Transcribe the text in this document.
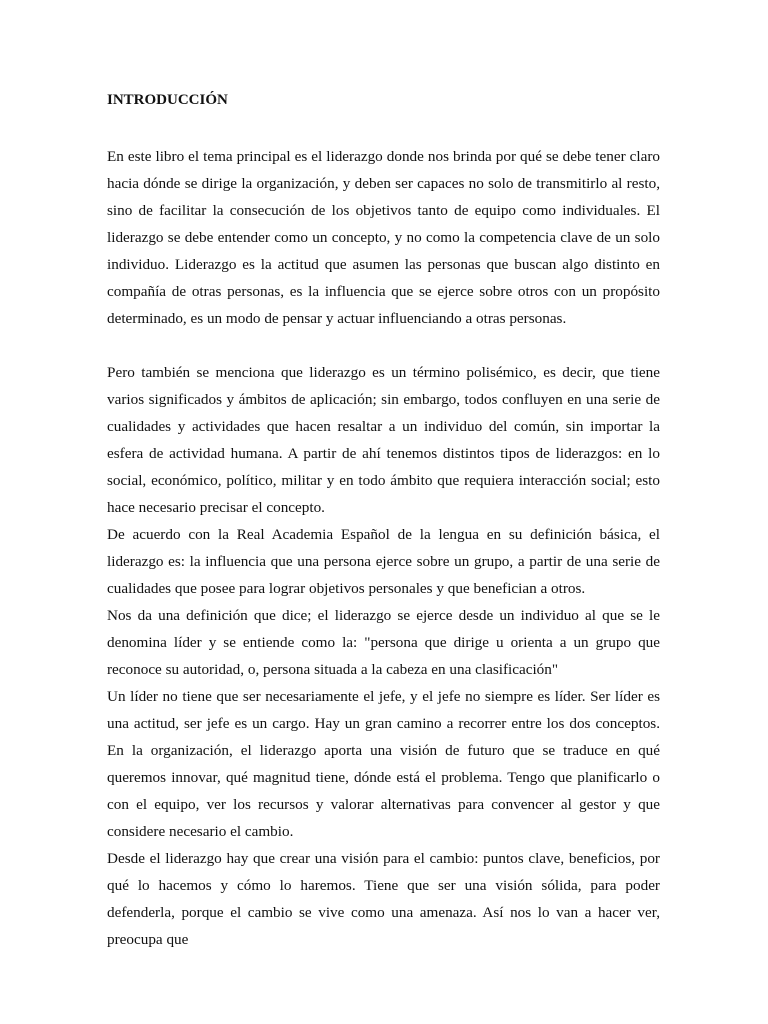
INTRODUCCIÓN

En este libro el tema principal es el liderazgo donde nos brinda por qué se debe tener claro hacia dónde se dirige la organización, y deben ser capaces no solo de transmitirlo al resto, sino de facilitar la consecución de los objetivos tanto de equipo como individuales. El liderazgo se debe entender como un concepto, y no como la competencia clave de un solo individuo. Liderazgo es la actitud que asumen las personas que buscan algo distinto en compañía de otras personas, es la influencia que se ejerce sobre otros con un propósito determinado, es un modo de pensar y actuar influenciando a otras personas.

Pero también se menciona que liderazgo es un término polisémico, es decir, que tiene varios significados y ámbitos de aplicación; sin embargo, todos confluyen en una serie de cualidades y actividades que hacen resaltar a un individuo del común, sin importar la esfera de actividad humana. A partir de ahí tenemos distintos tipos de liderazgos: en lo social, económico, político, militar y en todo ámbito que requiera interacción social; esto hace necesario precisar el concepto.

De acuerdo con la Real Academia Español de la lengua en su definición básica, el liderazgo es: la influencia que una persona ejerce sobre un grupo, a partir de una serie de cualidades que posee para lograr objetivos personales y que benefician a otros.

Nos da una definición que dice; el liderazgo se ejerce desde un individuo al que se le denomina líder y se entiende como la: "persona que dirige u orienta a un grupo que reconoce su autoridad, o, persona situada a la cabeza en una clasificación"

Un líder no tiene que ser necesariamente el jefe, y el jefe no siempre es líder. Ser líder es una actitud, ser jefe es un cargo. Hay un gran camino a recorrer entre los dos conceptos. En la organización, el liderazgo aporta una visión de futuro que se traduce en qué queremos innovar, qué magnitud tiene, dónde está el problema. Tengo que planificarlo o con el equipo, ver los recursos y valorar alternativas para convencer al gestor y que considere necesario el cambio.

Desde el liderazgo hay que crear una visión para el cambio: puntos clave, beneficios, por qué lo hacemos y cómo lo haremos. Tiene que ser una visión sólida, para poder defenderla, porque el cambio se vive como una amenaza. Así nos lo van a hacer ver, preocupa que
